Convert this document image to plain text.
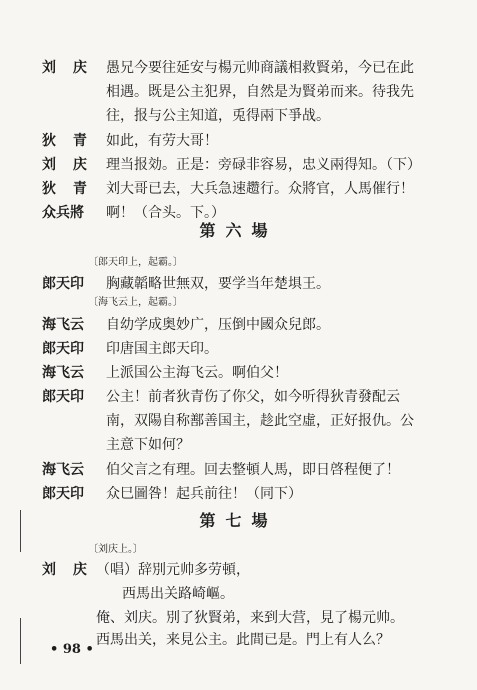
刘 庆 愚兄今要往延安与楊元帅商議相救賢弟，今已在此
相遇。既是公主犯界，自然是为賢弟而来。待我先
往，报与公主知道，兎得兩下爭战。
狄 青 如此，有劳大哥！
刘 庆 理当报効。正是：旁碌非容易，忠义兩得知。（下）
狄 青 刘大哥已去，大兵急速趱行。众將官，人馬催行！
众兵將 啊！（合头。下。）
第六場
〔郎天印上，起霸。〕
郎天印 胸藏韜略世無双，要学当年楚埧王。
〔海飞云上，起霸。〕
海飞云 自幼学成奥妙广，压倒中國众兒郎。
郎天印 印唐国主郎天印。
海飞云 上派国公主海飞云。啊伯父！
郎天印 公主！前者狄青伤了你父，如今听得狄青發配云
南，双陽自称鄯善国主，趁此空虛，正好报仇。公
主意下如何？
海飞云 伯父言之有理。回去整頓人馬，即日啓程便了！
郎天印 众巳圖咎！起兵前往！（同下）
第七場
〔刘庆上。〕
刘 庆 （唱）辞別元帅多劳頓，
西馬出关路崎嶇。
俺、刘庆。別了狄賢弟，来到大营，見了楊元帅。
西馬出关，来見公主。此間已是。門上有人么？
• 98 •
